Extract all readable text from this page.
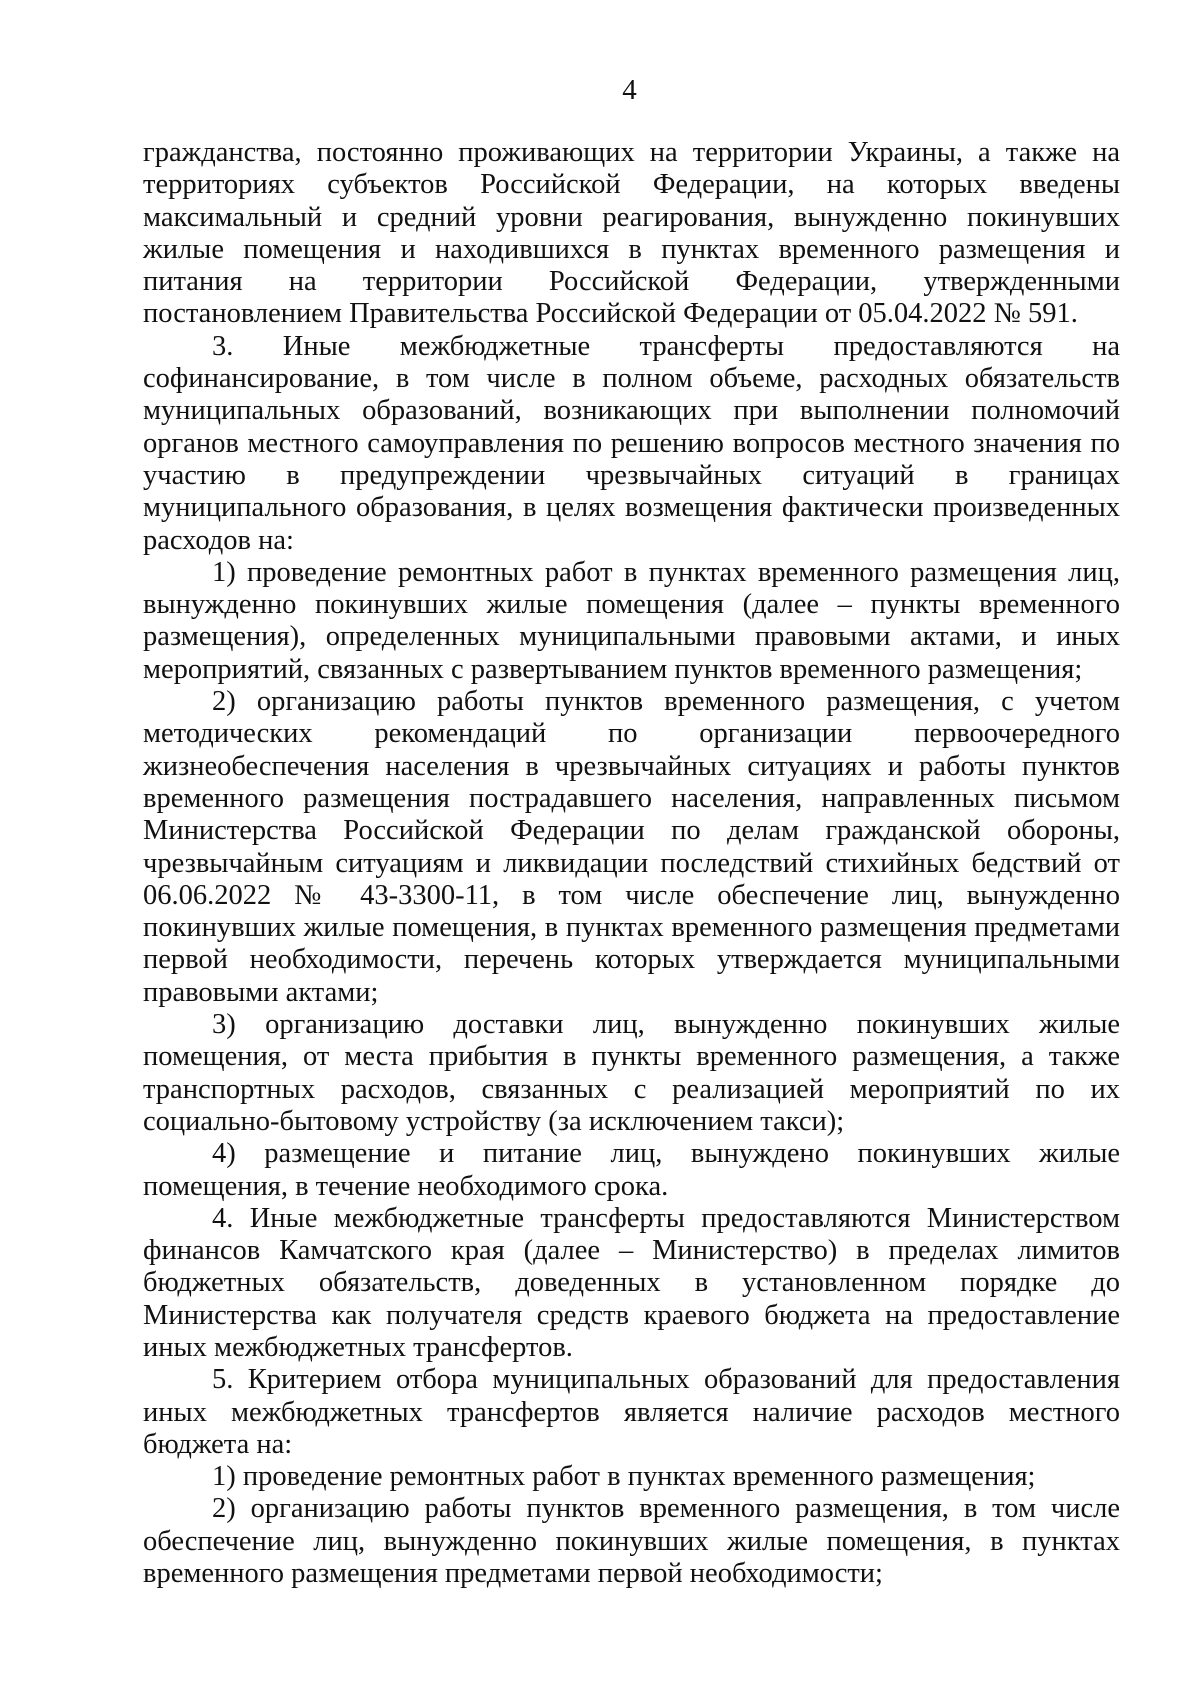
4

гражданства, постоянно проживающих на территории Украины, а также на территориях субъектов Российской Федерации, на которых введены максимальный и средний уровни реагирования, вынужденно покинувших жилые помещения и находившихся в пунктах временного размещения и питания на территории Российской Федерации, утвержденными постановлением Правительства Российской Федерации от 05.04.2022 № 591.

3. Иные межбюджетные трансферты предоставляются на софинансирование, в том числе в полном объеме, расходных обязательств муниципальных образований, возникающих при выполнении полномочий органов местного самоуправления по решению вопросов местного значения по участию в предупреждении чрезвычайных ситуаций в границах муниципального образования, в целях возмещения фактически произведенных расходов на:

1) проведение ремонтных работ в пунктах временного размещения лиц, вынужденно покинувших жилые помещения (далее – пункты временного размещения), определенных муниципальными правовыми актами, и иных мероприятий, связанных с развертыванием пунктов временного размещения;

2) организацию работы пунктов временного размещения, с учетом методических рекомендаций по организации первоочередного жизнеобеспечения населения в чрезвычайных ситуациях и работы пунктов временного размещения пострадавшего населения, направленных письмом Министерства Российской Федерации по делам гражданской обороны, чрезвычайным ситуациям и ликвидации последствий стихийных бедствий от 06.06.2022 № 43-3300-11, в том числе обеспечение лиц, вынужденно покинувших жилые помещения, в пунктах временного размещения предметами первой необходимости, перечень которых утверждается муниципальными правовыми актами;

3) организацию доставки лиц, вынужденно покинувших жилые помещения, от места прибытия в пункты временного размещения, а также транспортных расходов, связанных с реализацией мероприятий по их социально-бытовому устройству (за исключением такси);

4) размещение и питание лиц, вынуждено покинувших жилые помещения, в течение необходимого срока.

4. Иные межбюджетные трансферты предоставляются Министерством финансов Камчатского края (далее – Министерство) в пределах лимитов бюджетных обязательств, доведенных в установленном порядке до Министерства как получателя средств краевого бюджета на предоставление иных межбюджетных трансфертов.

5. Критерием отбора муниципальных образований для предоставления иных межбюджетных трансфертов является наличие расходов местного бюджета на:

1) проведение ремонтных работ в пунктах временного размещения;

2) организацию работы пунктов временного размещения, в том числе обеспечение лиц, вынужденно покинувших жилые помещения, в пунктах временного размещения предметами первой необходимости;
